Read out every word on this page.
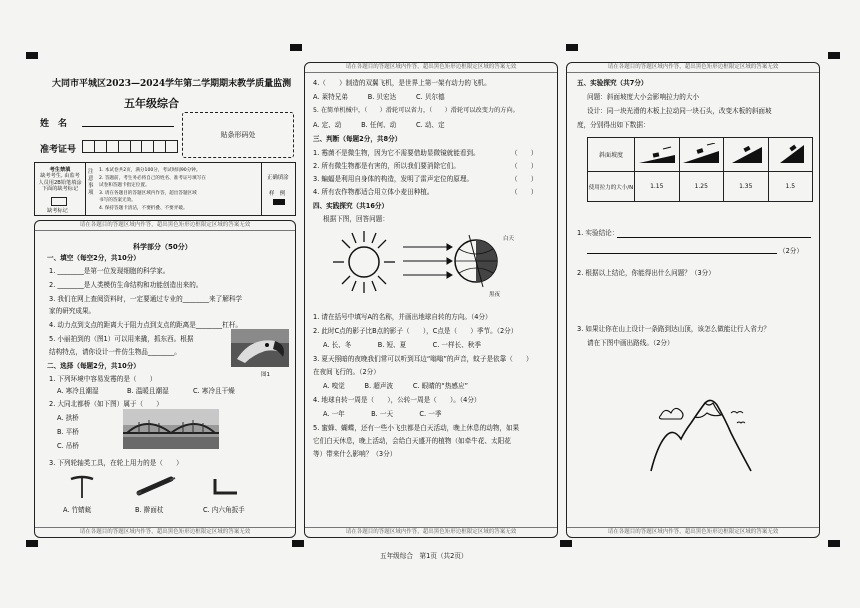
大同市平城区2023—2024学年第二学期期末教学质量监测
五年级综合
姓　名
准考证号
贴条形码处
考生禁填
缺考考生, 由监考
人员用2B铅笔填涂
下面的缺考标记
缺考标记
注意事项
1. 本试卷共2页，满分100分，考试时间90分钟。
2. 答题前，考生务必将自己的姓名、准考证号填写在
试卷和答题卡指定位置。
3. 请在各题目的答题区域内作答，超出答题区域
书写的答案无效。
4. 保持答题卡清洁，不要折叠、不要弄破。
正确填涂
样　例
请在各题目的答题区域内作答，超出黑色矩形边框限定区域的答案无效
请在各题目的答题区域内作答，超出黑色矩形边框限定区域的答案无效
科学部分（50分）
一、填空（每空2分，共10分）
1. ________是第一位发现细胞的科学家。
2. ________是人类模仿生命结构和功能创造出来的。
3. 我们在网上查阅资料时，一定要通过专业的________来了解科学
家的研究成果。
4. 动力点到支点的距离大于阻力点到支点的距离是________杠杆。
5. 小丽拍到的（图1）可以用来撬，抓东西。根据
结构特点，请你设计一件仿生物品________。
图1
二、选择（每题2分，共10分）
1. 下列环境中容易发霉的是（　　）
A. 寒冷且潮湿	B. 温暖且潮湿	C. 寒冷且干燥
2. 大同北都桥（如下图）属于（　　）
A. 拱桥
B. 平桥
C. 吊桥
3. 下列轮轴类工具，在轮上用力的是（　　）
A. 竹蜻蜓	B. 擀面杖	C. 内六角扳手
请在各题目的答题区域内作答，超出黑色矩形边框限定区域的答案无效
请在各题目的答题区域内作答，超出黑色矩形边框限定区域的答案无效
4.（　　）制造的双翼飞机，是世界上第一架有动力的飞机。
A. 莱特兄弟　　　B. 贝宏达　　　C. 贝尔德
5. 在简单机械中，（　　）滑轮可以省力，（　　）滑轮可以改变力的方向。
A. 定、动　　　B. 任何、动　　　C. 动、定
三、判断（每题2分，共8分）
1. 霉菌不是微生物，因为它不需要借助显微镜就能看到。
2. 所有微生物都是有害的，所以我们要消除它们。
3. 蝙蝠是利用自身体的构造，发明了雷声定位的原理。
4. 所有农作物都适合用立体小麦田种植。
（　　）
（　　）
（　　）
（　　）
四、实践探究（共16分）
根据下图，回答问题：
白天
黑夜
1. 请在括号中填写A的名称，并画出地球自转的方向。（4分）
2. 此时C点的影子比B点的影子（　　），C点是（　　）季节。（2分）
A. 长、冬　　　　B. 短、夏　　　　C. 一样长、秋季
3. 夏天照暗的夜晚我们常可以听到耳边“嗡嗡”的声音，蚊子是依靠（　　）
在夜间飞行的。（2分）
A. 嗅觉　　　B. 超声波　　　C. 眼睛的“热感应”
4. 地球自转一周是（　　），公转一周是（　　）。（4分）
A. 一年　　　　B. 一天　　　　C. 一季
5. 蜜蜂、蝴蝶，还有一些小飞虫都是白天活动，晚上休息的动物，如果
它们白天休息，晚上活动，会给白天盛开的植物（如牵牛花、太阳花
等）带来什么影响？（3分）
请在各题目的答题区域内作答，超出黑色矩形边框限定区域的答案无效
请在各题目的答题区域内作答，超出黑色矩形边框限定区域的答案无效
五、实验探究（共7分）
问题：斜面坡度大小会影响拉力的大小
设计：同一块光滑的木板上拉动同一块石头，改变木板的斜面坡
度，分别得出如下数据：
斜面坡度				
使用拉力的大小/N	1.15	1.25	1.35	1.5
1. 实验结论：
（2分）
2. 根据以上结论，你能得出什么问题？（3分）
3. 如果让你在山上设计一条路到达山顶，该怎么做能让行人省力？
请在下图中画出路线。（2分）
五年级综合　第1页（共2页）
